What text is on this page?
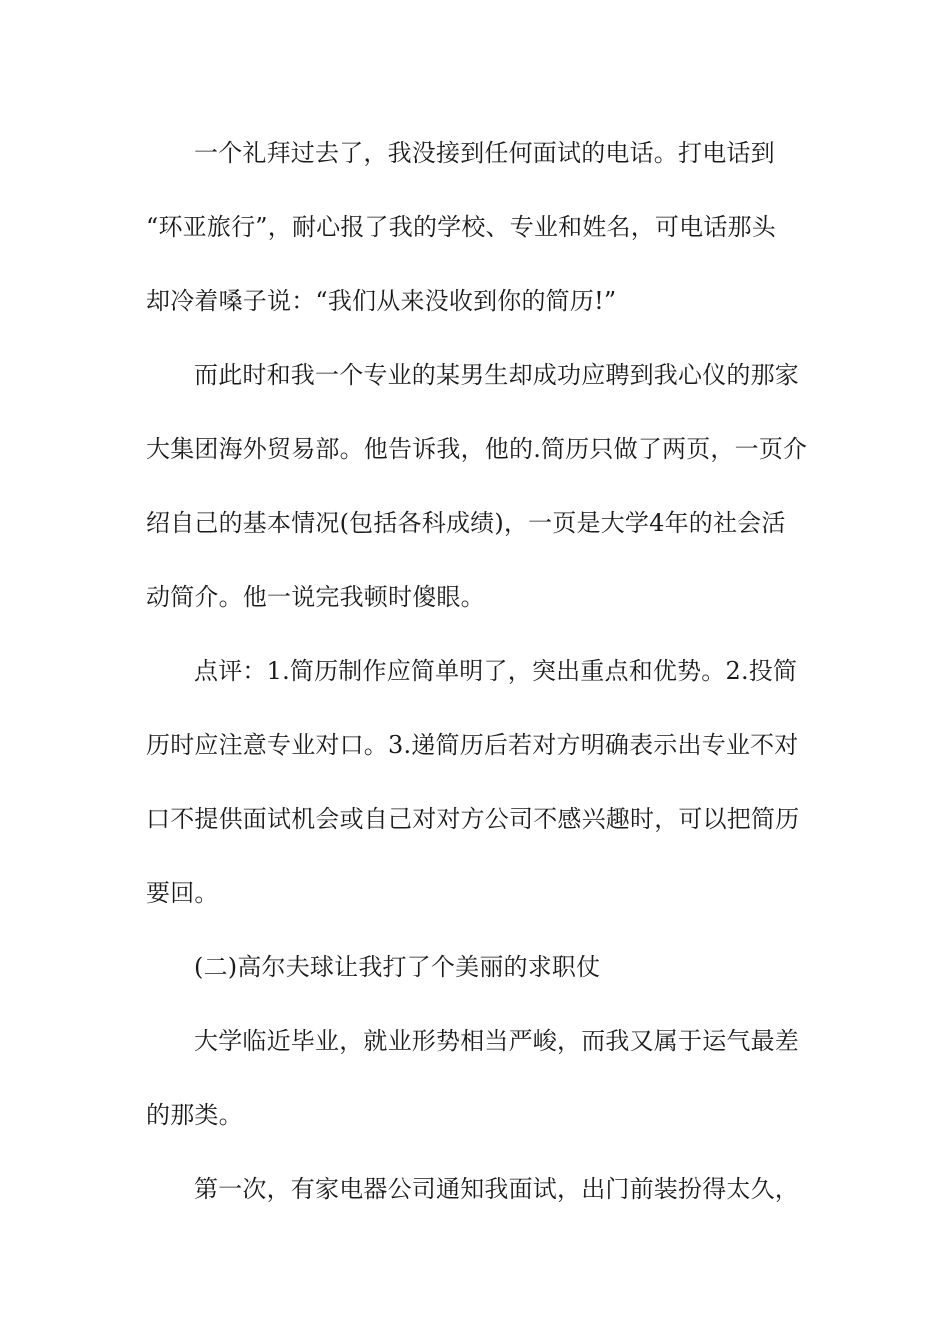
一个礼拜过去了，我没接到任何面试的电话。打电话到
“环亚旅行”，耐心报了我的学校、专业和姓名，可电话那头
却冷着嗓子说：“我们从来没收到你的简历!”
而此时和我一个专业的某男生却成功应聘到我心仪的那家
大集团海外贸易部。他告诉我，他的.简历只做了两页，一页介
绍自己的基本情况(包括各科成绩)，一页是大学4年的社会活
动简介。他一说完我顿时傻眼。
点评：1.简历制作应简单明了，突出重点和优势。2.投简
历时应注意专业对口。3.递简历后若对方明确表示出专业不对
口不提供面试机会或自己对对方公司不感兴趣时，可以把简历
要回。
(二)高尔夫球让我打了个美丽的求职仗
大学临近毕业，就业形势相当严峻，而我又属于运气最差
的那类。
第一次，有家电器公司通知我面试，出门前装扮得太久，
